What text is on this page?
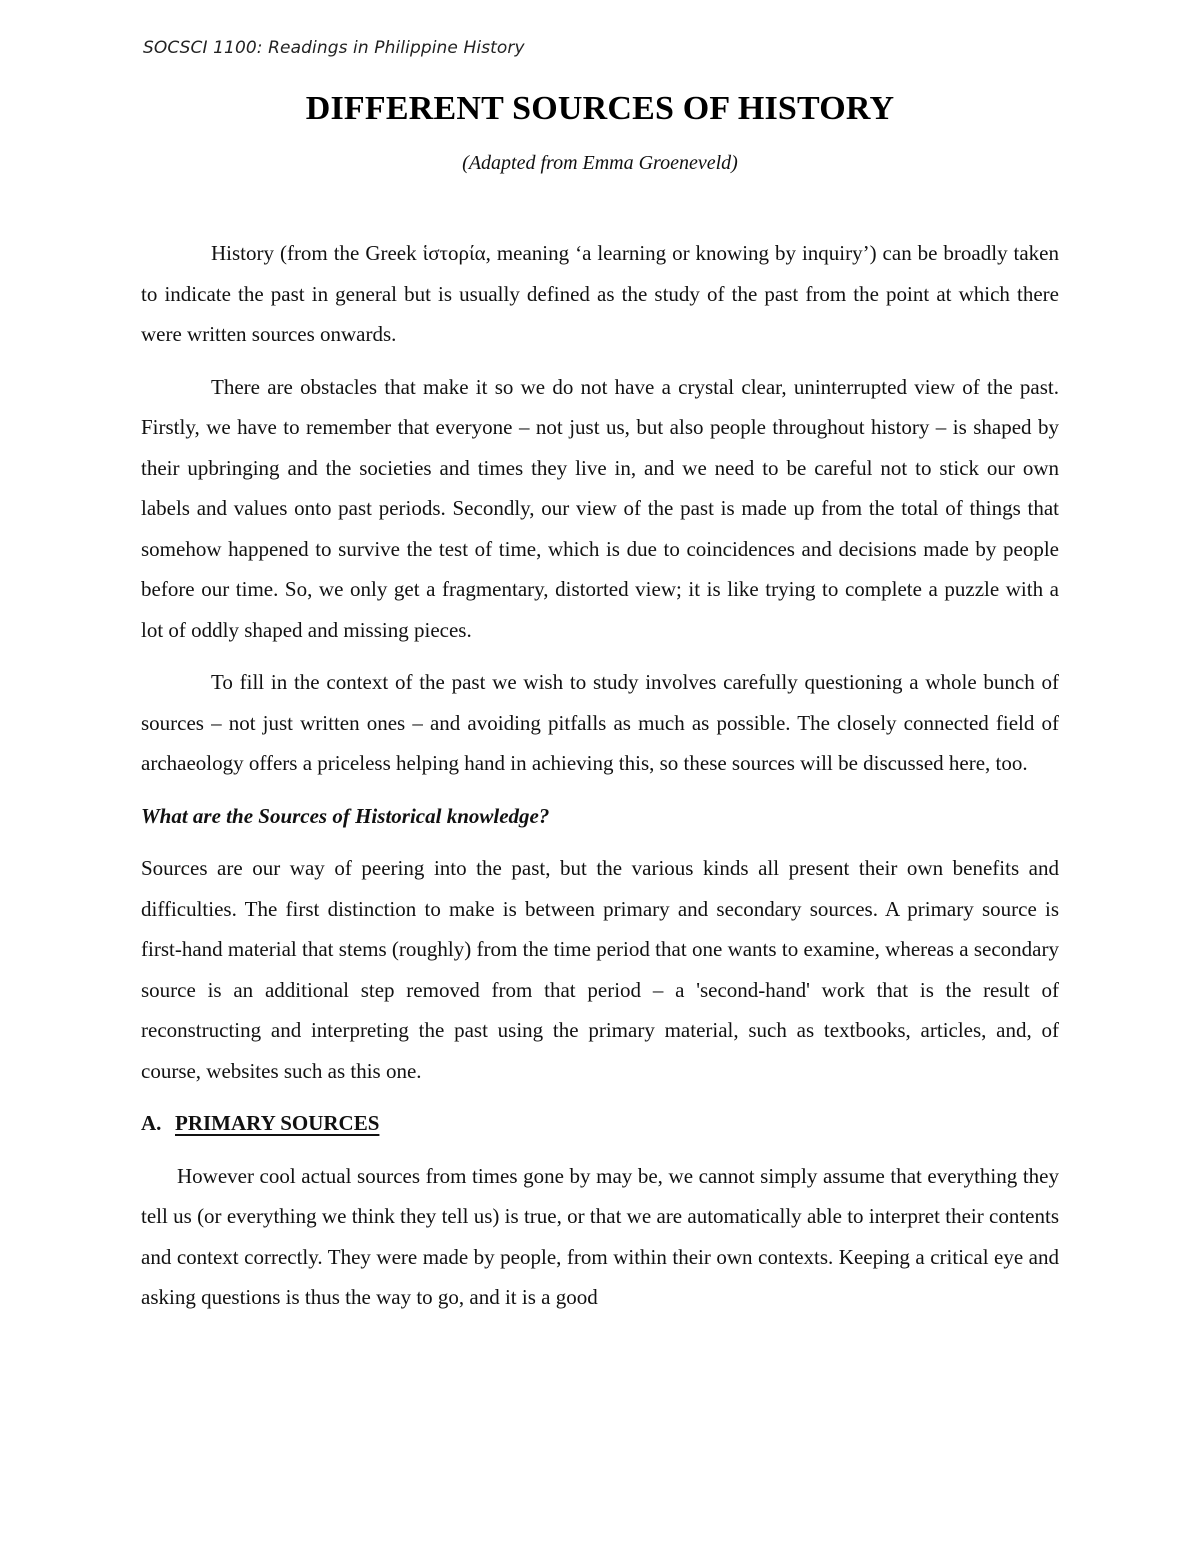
SOCSCI 1100: Readings in Philippine History
DIFFERENT SOURCES OF HISTORY
(Adapted from Emma Groeneveld)

History (from the Greek ἱστορία, meaning ‘a learning or knowing by inquiry’) can be broadly taken to indicate the past in general but is usually defined as the study of the past from the point at which there were written sources onwards.

There are obstacles that make it so we do not have a crystal clear, uninterrupted view of the past. Firstly, we have to remember that everyone – not just us, but also people throughout history – is shaped by their upbringing and the societies and times they live in, and we need to be careful not to stick our own labels and values onto past periods. Secondly, our view of the past is made up from the total of things that somehow happened to survive the test of time, which is due to coincidences and decisions made by people before our time. So, we only get a fragmentary, distorted view; it is like trying to complete a puzzle with a lot of oddly shaped and missing pieces.

To fill in the context of the past we wish to study involves carefully questioning a whole bunch of sources – not just written ones – and avoiding pitfalls as much as possible. The closely connected field of archaeology offers a priceless helping hand in achieving this, so these sources will be discussed here, too.

What are the Sources of Historical knowledge?

Sources are our way of peering into the past, but the various kinds all present their own benefits and difficulties. The first distinction to make is between primary and secondary sources. A primary source is first-hand material that stems (roughly) from the time period that one wants to examine, whereas a secondary source is an additional step removed from that period – a 'second-hand' work that is the result of reconstructing and interpreting the past using the primary material, such as textbooks, articles, and, of course, websites such as this one.

A. PRIMARY SOURCES

However cool actual sources from times gone by may be, we cannot simply assume that everything they tell us (or everything we think they tell us) is true, or that we are automatically able to interpret their contents and context correctly. They were made by people, from within their own contexts. Keeping a critical eye and asking questions is thus the way to go, and it is a good
